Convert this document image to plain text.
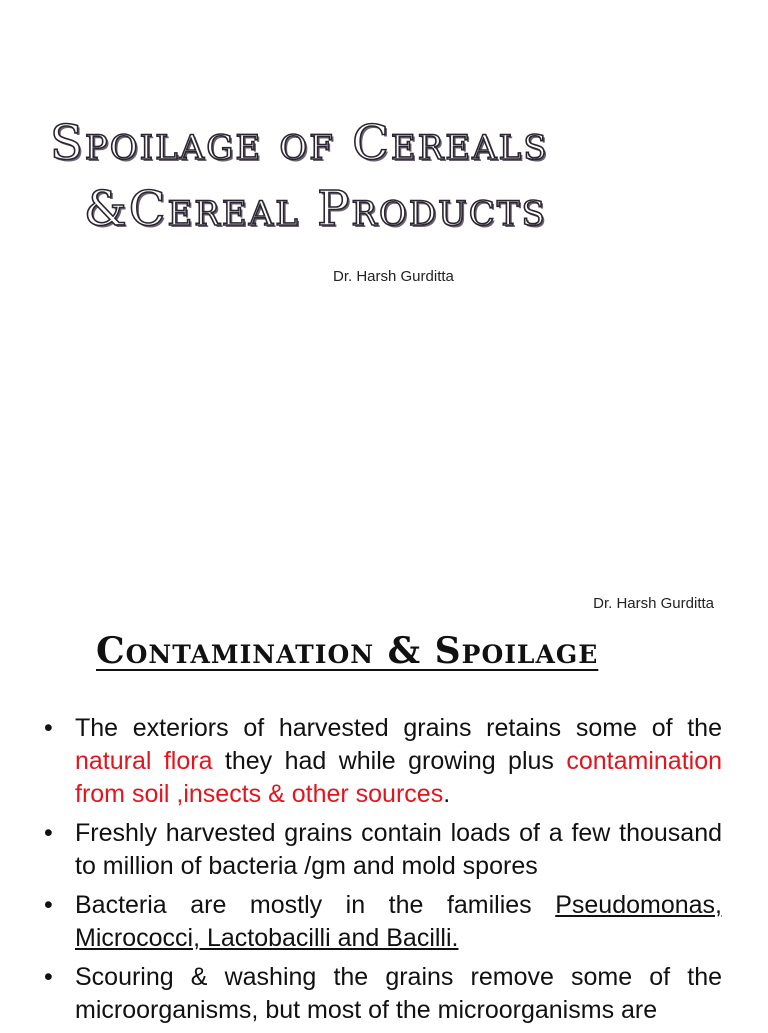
Spoilage of Cereals
&Cereal Products
Dr. Harsh Gurditta
Dr. Harsh Gurditta
Contamination & Spoilage
• The exteriors of harvested grains retains some of the natural flora they had while growing plus contamination from soil ,insects & other sources.
• Freshly harvested grains contain loads of a few thousand to million of bacteria /gm and mold spores
• Bacteria are mostly in the families Pseudomonas, Micrococci, Lactobacilli and Bacilli.
• Scouring & washing the grains remove some of the microorganisms, but most of the microorganisms are
